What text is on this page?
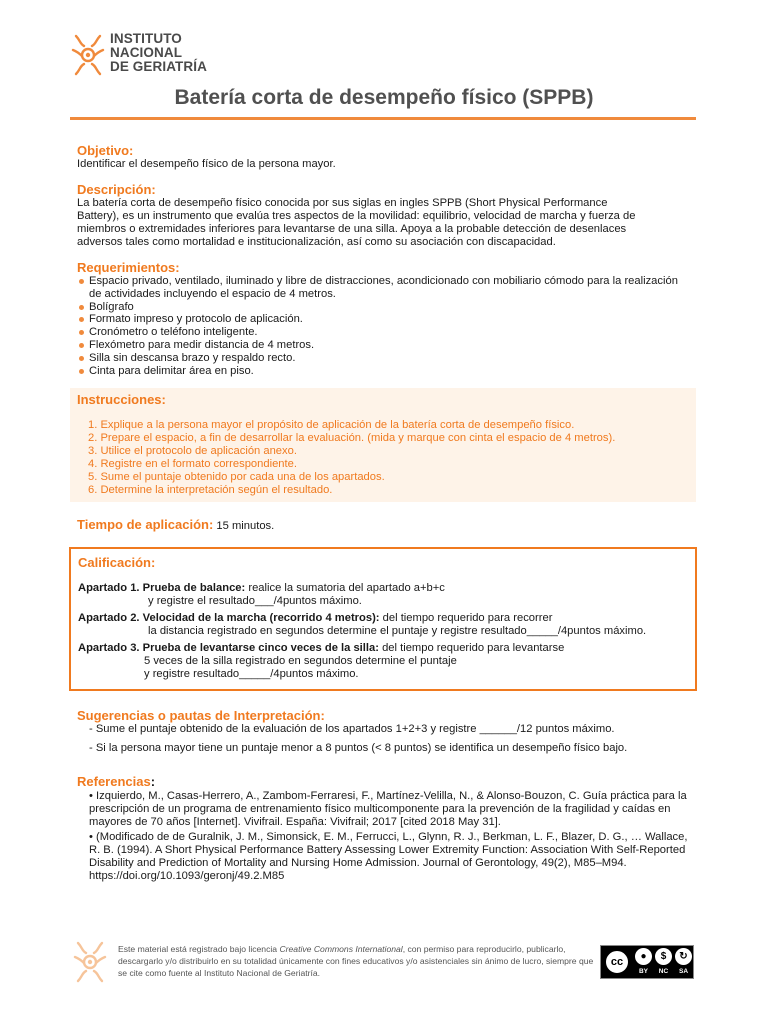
INSTITUTO
NACIONAL
DE GERIATRÍA
Batería corta de desempeño físico (SPPB)
Objetivo:
Identificar el desempeño físico de la persona mayor.
Descripción:
La batería corta de desempeño físico conocida por sus siglas en ingles SPPB (Short Physical Performance
Battery), es un instrumento que evalúa tres aspectos de la movilidad: equilibrio, velocidad de marcha y fuerza de
miembros o extremidades inferiores para levantarse de una silla. Apoya a la probable detección de desenlaces
adversos tales como mortalidad e institucionalización, así como su asociación con discapacidad.
Requerimientos:
Espacio privado, ventilado, iluminado y libre de distracciones, acondicionado con mobiliario cómodo para la realización de actividades incluyendo el espacio de 4 metros.
Bolígrafo
Formato impreso y protocolo de aplicación.
Cronómetro o teléfono inteligente.
Flexómetro para medir distancia de 4 metros.
Silla sin descansa brazo y respaldo recto.
Cinta para delimitar área en piso.
Instrucciones:
1. Explique a la persona mayor el propósito de aplicación de la batería corta de desempeño físico.
2. Prepare el espacio, a fin de desarrollar la evaluación. (mida y marque con cinta el espacio de 4 metros).
3. Utilice el protocolo de aplicación anexo.
4. Registre en el formato correspondiente.
5. Sume el puntaje obtenido por cada una de los apartados.
6. Determine la interpretación según el resultado.
Tiempo de aplicación: 15 minutos.
Calificación:
Apartado 1. Prueba de balance: realice la sumatoria del apartado a+b+c
y registre el resultado___/4puntos máximo.
Apartado 2. Velocidad de la marcha (recorrido 4 metros): del tiempo requerido para recorrer
la distancia registrado en segundos determine el puntaje y registre resultado_____/4puntos máximo.
Apartado 3. Prueba de levantarse cinco veces de la silla: del tiempo requerido para levantarse
5 veces de la silla registrado en segundos determine el puntaje
y registre resultado_____/4puntos máximo.
Sugerencias o pautas de Interpretación:
- Sume el puntaje obtenido de la evaluación de los apartados 1+2+3 y registre ______/12 puntos máximo.
- Si la persona mayor tiene un puntaje menor a 8 puntos (< 8 puntos) se identifica un desempeño físico bajo.
Referencias:
• Izquierdo, M., Casas-Herrero, A., Zambom-Ferraresi, F., Martínez-Velilla, N., & Alonso-Bouzon, C. Guía práctica para la prescripción de un programa de entrenamiento físico multicomponente para la prevención de la fragilidad y caídas en mayores de 70 años [Internet]. Vivifrail. España: Vivifrail; 2017 [cited 2018 May 31].
• (Modificado de de Guralnik, J. M., Simonsick, E. M., Ferrucci, L., Glynn, R. J., Berkman, L. F., Blazer, D. G., … Wallace, R. B. (1994). A Short Physical Performance Battery Assessing Lower Extremity Function: Association With Self-Reported Disability and Prediction of Mortality and Nursing Home Admission. Journal of Gerontology, 49(2), M85–M94. https://doi.org/10.1093/geronj/49.2.M85
Este material está registrado bajo licencia Creative Commons International, con permiso para reproducirlo, publicarlo, descargarlo y/o distribuirlo en su totalidad únicamente con fines educativos y/o asistenciales sin ánimo de lucro, siempre que se cite como fuente al Instituto Nacional de Geriatría.
cc	●	$	↻
BY	NC	SA
